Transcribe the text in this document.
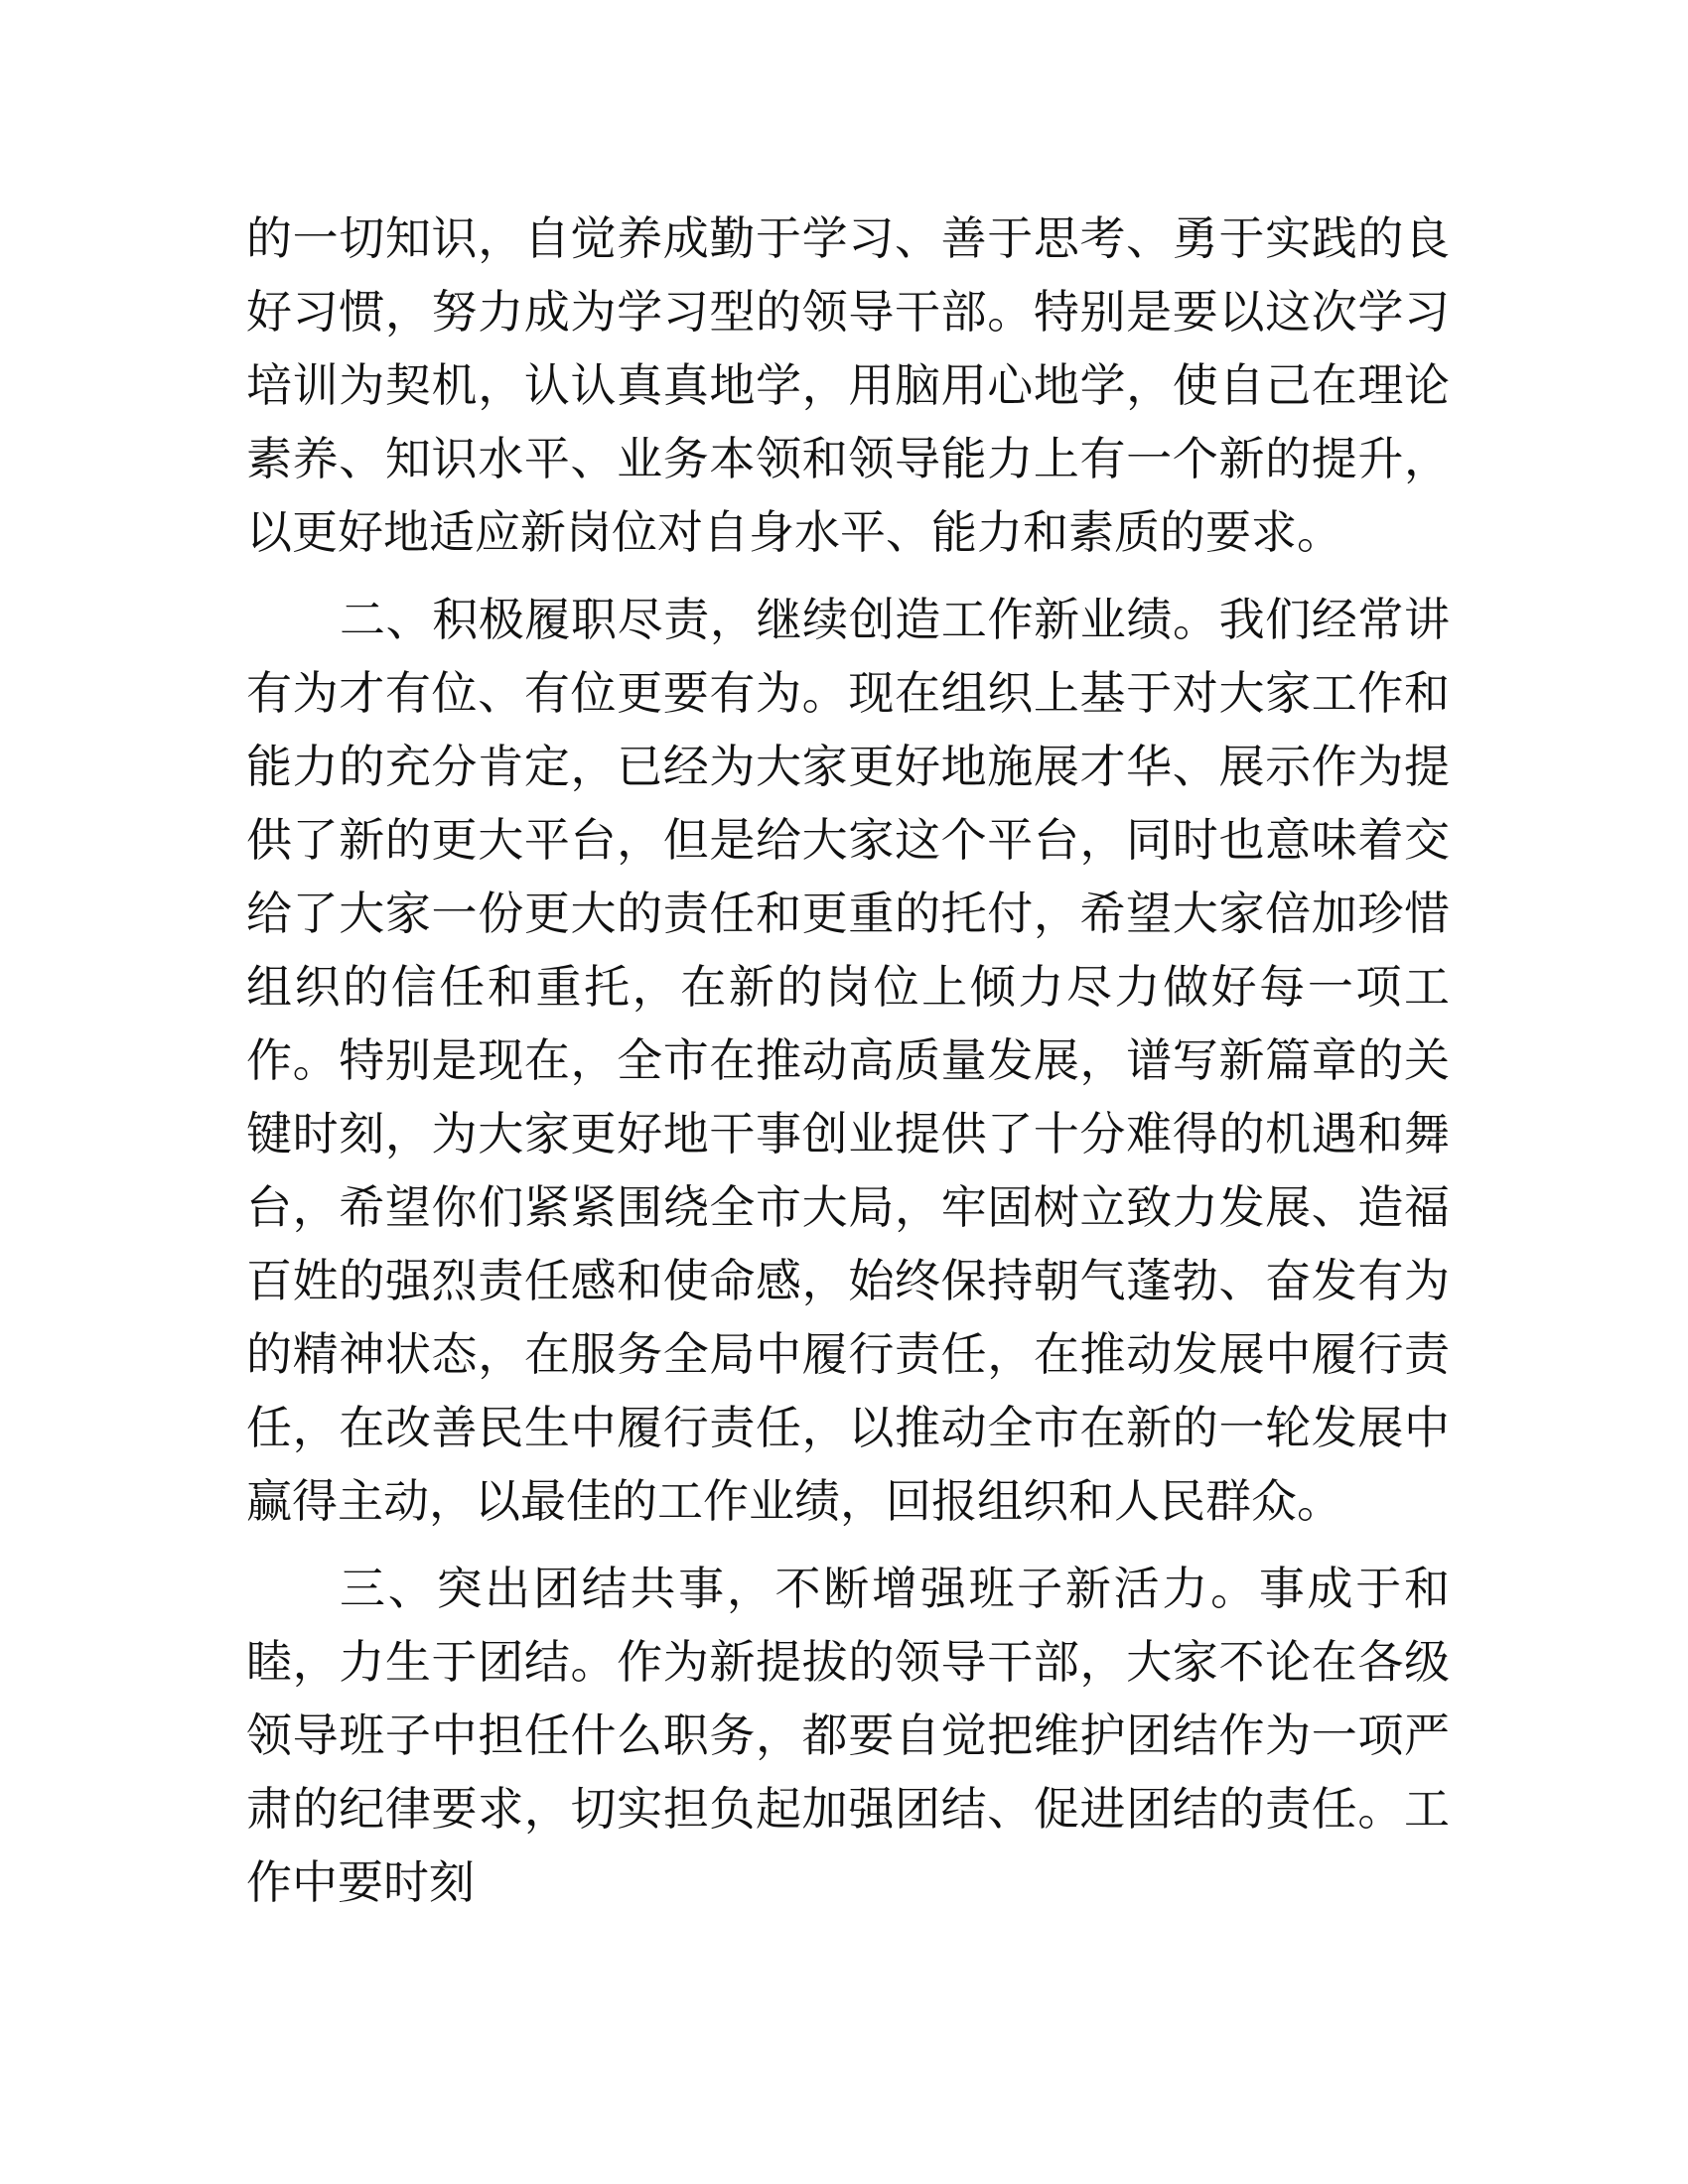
的一切知识，自觉养成勤于学习、善于思考、勇于实践的良好习惯，努力成为学习型的领导干部。特别是要以这次学习培训为契机，认认真真地学，用脑用心地学，使自己在理论素养、知识水平、业务本领和领导能力上有一个新的提升，以更好地适应新岗位对自身水平、能力和素质的要求。

二、积极履职尽责，继续创造工作新业绩。我们经常讲有为才有位、有位更要有为。现在组织上基于对大家工作和能力的充分肯定，已经为大家更好地施展才华、展示作为提供了新的更大平台，但是给大家这个平台，同时也意味着交给了大家一份更大的责任和更重的托付，希望大家倍加珍惜组织的信任和重托，在新的岗位上倾力尽力做好每一项工作。特别是现在，全市在推动高质量发展，谱写新篇章的关键时刻，为大家更好地干事创业提供了十分难得的机遇和舞台，希望你们紧紧围绕全市大局，牢固树立致力发展、造福百姓的强烈责任感和使命感，始终保持朝气蓬勃、奋发有为的精神状态，在服务全局中履行责任，在推动发展中履行责任，在改善民生中履行责任，以推动全市在新的一轮发展中赢得主动，以最佳的工作业绩，回报组织和人民群众。

三、突出团结共事，不断增强班子新活力。事成于和睦，力生于团结。作为新提拔的领导干部，大家不论在各级领导班子中担任什么职务，都要自觉把维护团结作为一项严肃的纪律要求，切实担负起加强团结、促进团结的责任。工作中要时刻
